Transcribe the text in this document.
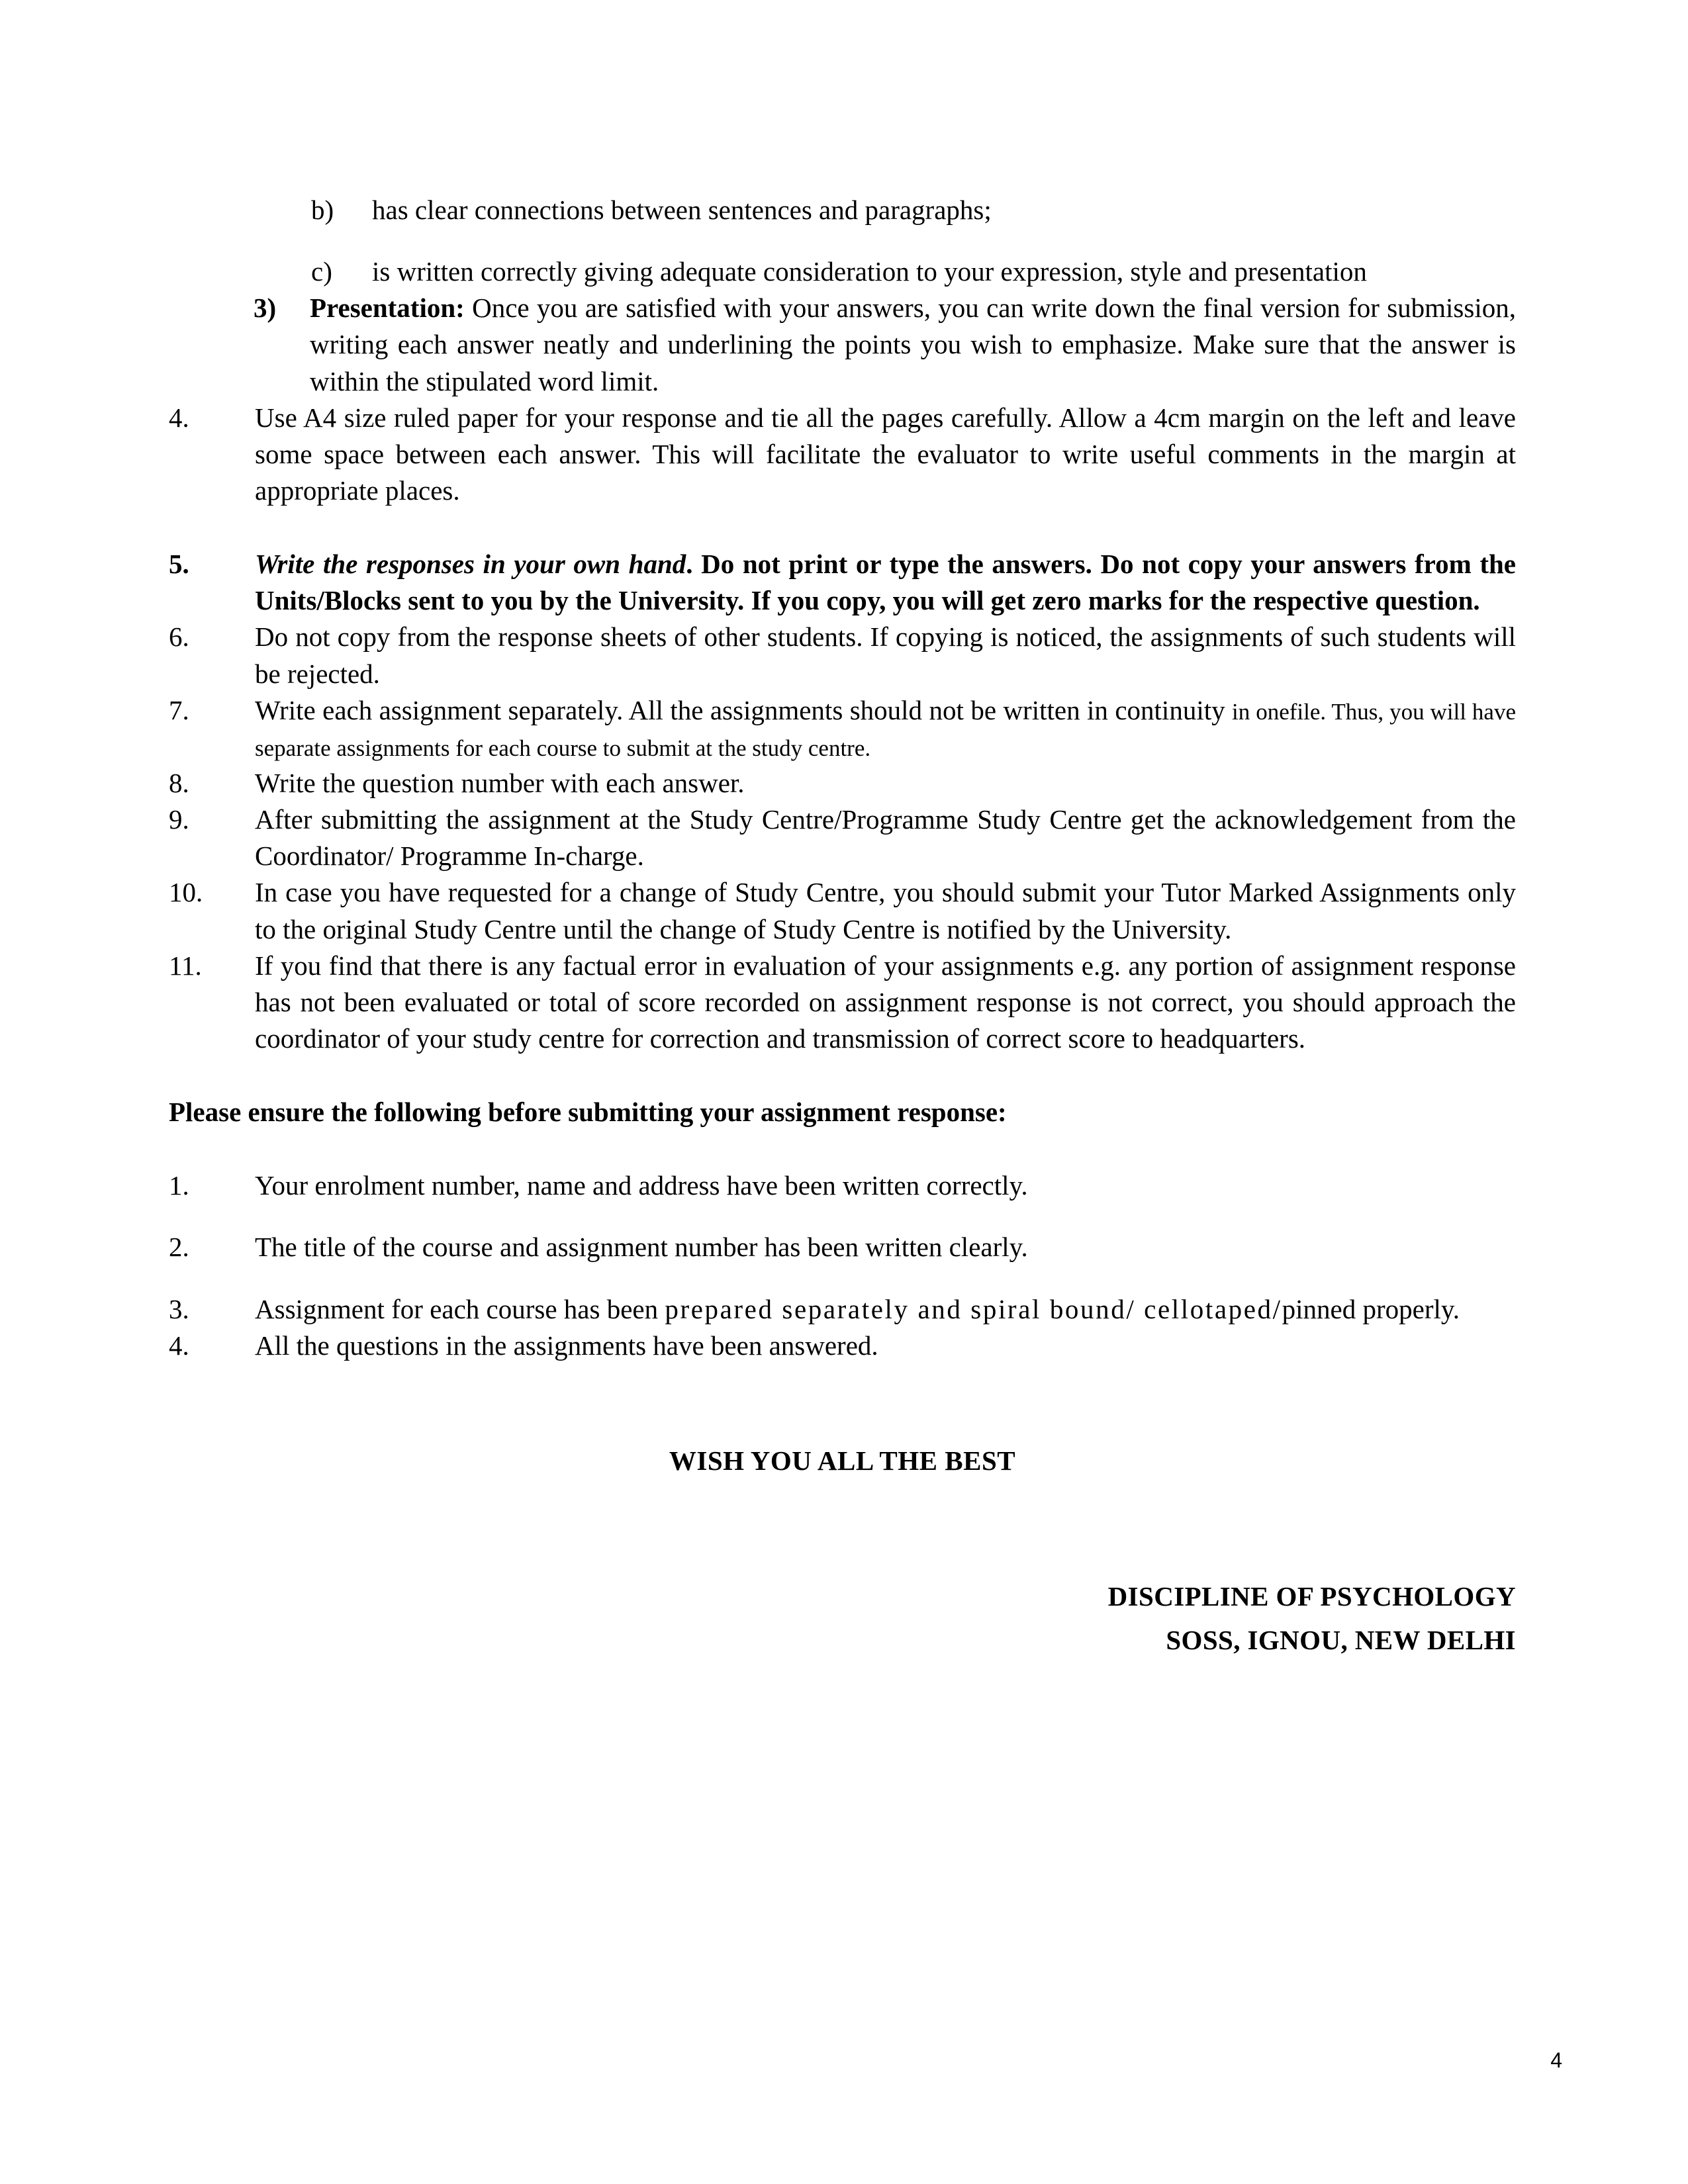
b)	has clear connections between sentences and paragraphs;
c)	is written correctly giving adequate consideration to your expression, style and presentation
3)	Presentation: Once you are satisfied with your answers, you can write down the final version for submission, writing each answer neatly and underlining the points you wish to emphasize. Make sure that the answer is within the stipulated word limit.
4.	Use A4 size ruled paper for your response and tie all the pages carefully. Allow a 4cm margin on the left and leave some space between each answer. This will facilitate the evaluator to write useful comments in the margin at appropriate places.
5.	Write the responses in your own hand. Do not print or type the answers. Do not copy your answers from the Units/Blocks sent to you by the University. If you copy, you will get zero marks for the respective question.
6.	Do not copy from the response sheets of other students. If copying is noticed, the assignments of such students will be rejected.
7.	Write each assignment separately. All the assignments should not be written in continuity in onefile. Thus, you will have separate assignments for each course to submit at the study centre.
8.	Write the question number with each answer.
9.	After submitting the assignment at the Study Centre/Programme Study Centre get the acknowledgement from the Coordinator/ Programme In-charge.
10.	In case you have requested for a change of Study Centre, you should submit your Tutor Marked Assignments only to the original Study Centre until the change of Study Centre is notified by the University.
11.	If you find that there is any factual error in evaluation of your assignments e.g. any portion of assignment response has not been evaluated or total of score recorded on assignment response is not correct, you should approach the coordinator of your study centre for correction and transmission of correct score to headquarters.
Please ensure the following before submitting your assignment response:
1.	Your enrolment number, name and address have been written correctly.
2.	The title of the course and assignment number has been written clearly.
3.	Assignment for each course has been prepared separately and spiral bound/ cellotaped/pinned properly.
4.	All the questions in the assignments have been answered.
WISH YOU ALL THE BEST
DISCIPLINE OF PSYCHOLOGY
SOSS, IGNOU, NEW DELHI
4
